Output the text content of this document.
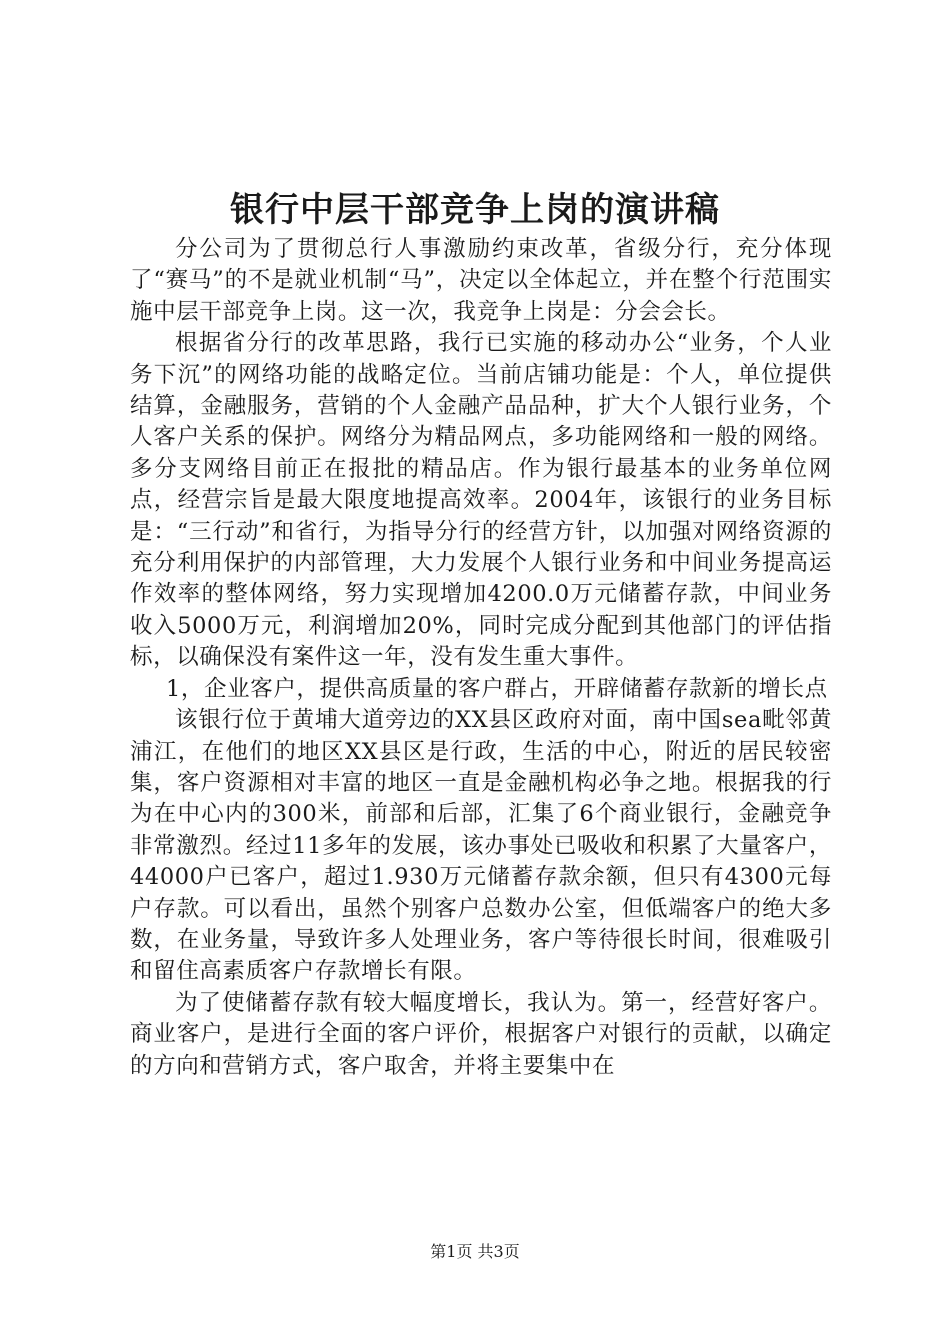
银行中层干部竞争上岗的演讲稿

分公司为了贯彻总行人事激励约束改革，省级分行，充分体现了“赛马”的不是就业机制“马”，决定以全体起立，并在整个行范围实施中层干部竞争上岗。这一次，我竞争上岗是：分会会长。

根据省分行的改革思路，我行已实施的移动办公“业务，个人业务下沉”的网络功能的战略定位。当前店铺功能是：个人，单位提供结算，金融服务，营销的个人金融产品品种，扩大个人银行业务，个人客户关系的保护。网络分为精品网点，多功能网络和一般的网络。多分支网络目前正在报批的精品店。作为银行最基本的业务单位网点，经营宗旨是最大限度地提高效率。2004年，该银行的业务目标是：“三行动”和省行，为指导分行的经营方针，以加强对网络资源的充分利用保护的内部管理，大力发展个人银行业务和中间业务提高运作效率的整体网络，努力实现增加4200.0万元储蓄存款，中间业务收入5000万元，利润增加20%，同时完成分配到其他部门的评估指标，以确保没有案件这一年，没有发生重大事件。

1，企业客户，提供高质量的客户群占，开辟储蓄存款新的增长点

该银行位于黄埔大道旁边的XX县区政府对面，南中国sea毗邻黄浦江，在他们的地区XX县区是行政，生活的中心，附近的居民较密集，客户资源相对丰富的地区一直是金融机构必争之地。根据我的行为在中心内的300米，前部和后部，汇集了6个商业银行，金融竞争非常激烈。经过11多年的发展，该办事处已吸收和积累了大量客户，44000户已客户，超过1.930万元储蓄存款余额，但只有4300元每户存款。可以看出，虽然个别客户总数办公室，但低端客户的绝大多数，在业务量，导致许多人处理业务，客户等待很长时间，很难吸引和留住高素质客户存款增长有限。

为了使储蓄存款有较大幅度增长，我认为。第一，经营好客户。商业客户，是进行全面的客户评价，根据客户对银行的贡献，以确定的方向和营销方式，客户取舍，并将主要集中在

第1页 共3页
